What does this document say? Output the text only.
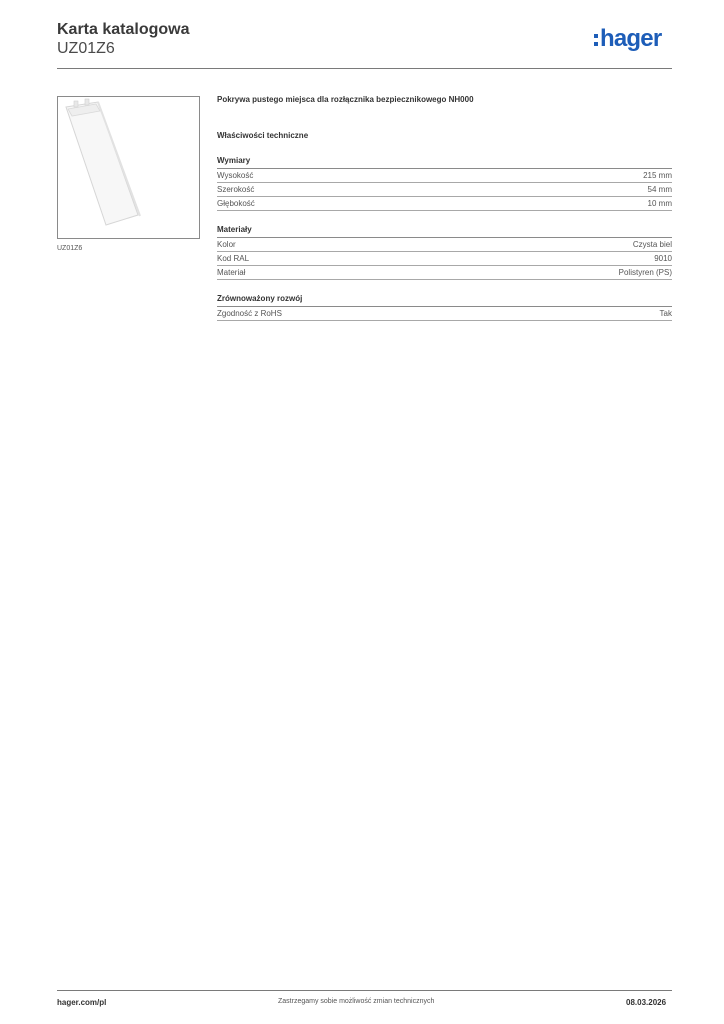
Karta katalogowa
UZ01Z6	hager
UZ01Z6
Pokrywa pustego miejsca dla rozłącznika bezpiecznikowego NH000
Właściwości techniczne
Wymiary
Wysokość	215 mm
Szerokość	54 mm
Głębokość	10 mm
Materiały
Kolor	Czysta biel
Kod RAL	9010
Materiał	Polistyren (PS)
Zrównoważony rozwój
Zgodność z RoHS	Tak
hager.com/pl	Zastrzegamy sobie możliwość zmian technicznych	08.03.2026
